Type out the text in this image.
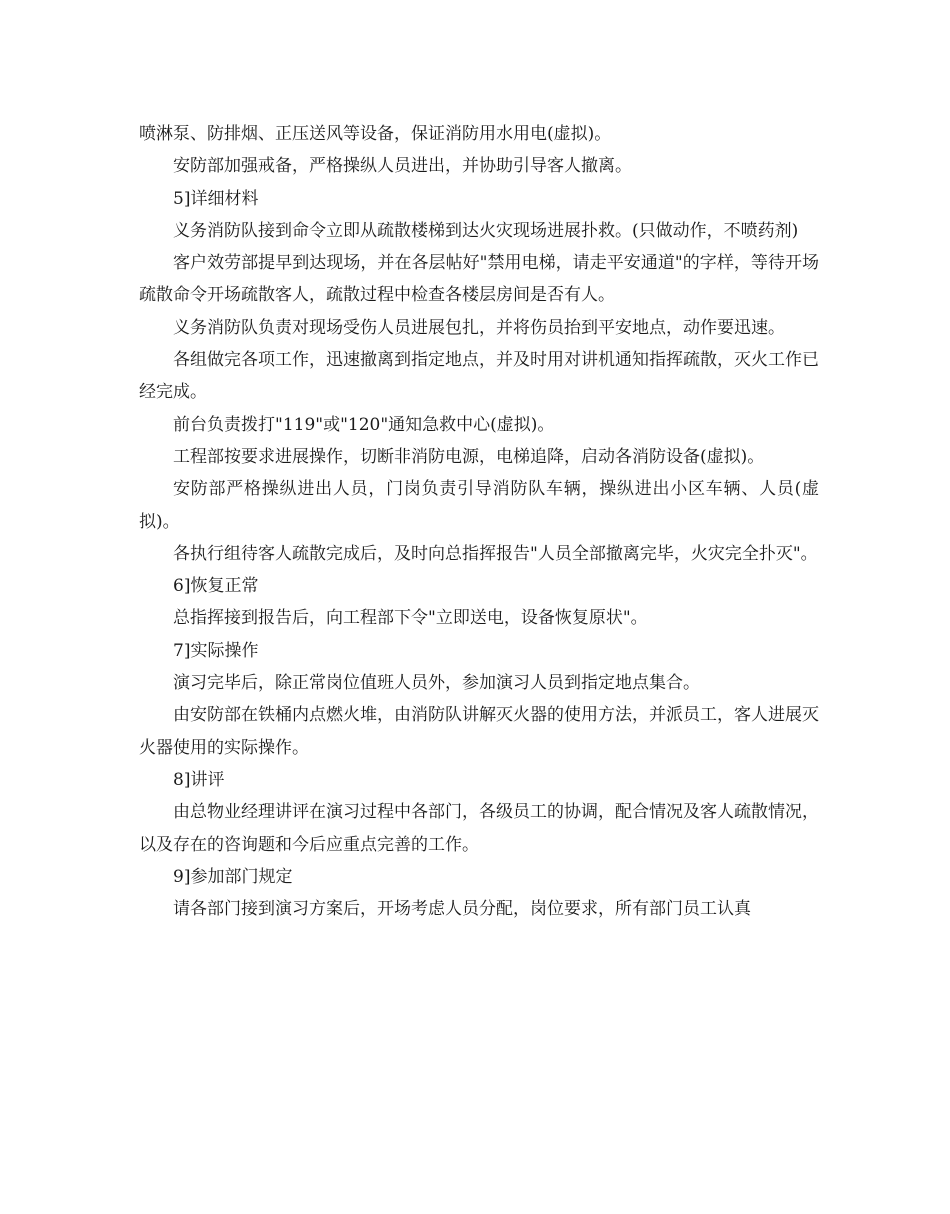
喷淋泵、防排烟、正压送风等设备，保证消防用水用电(虚拟)。

安防部加强戒备，严格操纵人员进出，并协助引导客人撤离。

5]详细材料

义务消防队接到命令立即从疏散楼梯到达火灾现场进展扑救。(只做动作，不喷药剂)

客户效劳部提早到达现场，并在各层帖好"禁用电梯，请走平安通道"的字样，等待开场疏散命令开场疏散客人，疏散过程中检查各楼层房间是否有人。

义务消防队负责对现场受伤人员进展包扎，并将伤员抬到平安地点，动作要迅速。

各组做完各项工作，迅速撤离到指定地点，并及时用对讲机通知指挥疏散，灭火工作已经完成。

前台负责拨打"119"或"120"通知急救中心(虚拟)。

工程部按要求进展操作，切断非消防电源，电梯追降，启动各消防设备(虚拟)。

安防部严格操纵进出人员，门岗负责引导消防队车辆，操纵进出小区车辆、人员(虚拟)。

各执行组待客人疏散完成后，及时向总指挥报告"人员全部撤离完毕，火灾完全扑灭"。

6]恢复正常

总指挥接到报告后，向工程部下令"立即送电，设备恢复原状"。

7]实际操作

演习完毕后，除正常岗位值班人员外，参加演习人员到指定地点集合。

由安防部在铁桶内点燃火堆，由消防队讲解灭火器的使用方法，并派员工，客人进展灭火器使用的实际操作。

8]讲评

由总物业经理讲评在演习过程中各部门，各级员工的协调，配合情况及客人疏散情况，以及存在的咨询题和今后应重点完善的工作。

9]参加部门规定

请各部门接到演习方案后，开场考虑人员分配，岗位要求，所有部门员工认真
